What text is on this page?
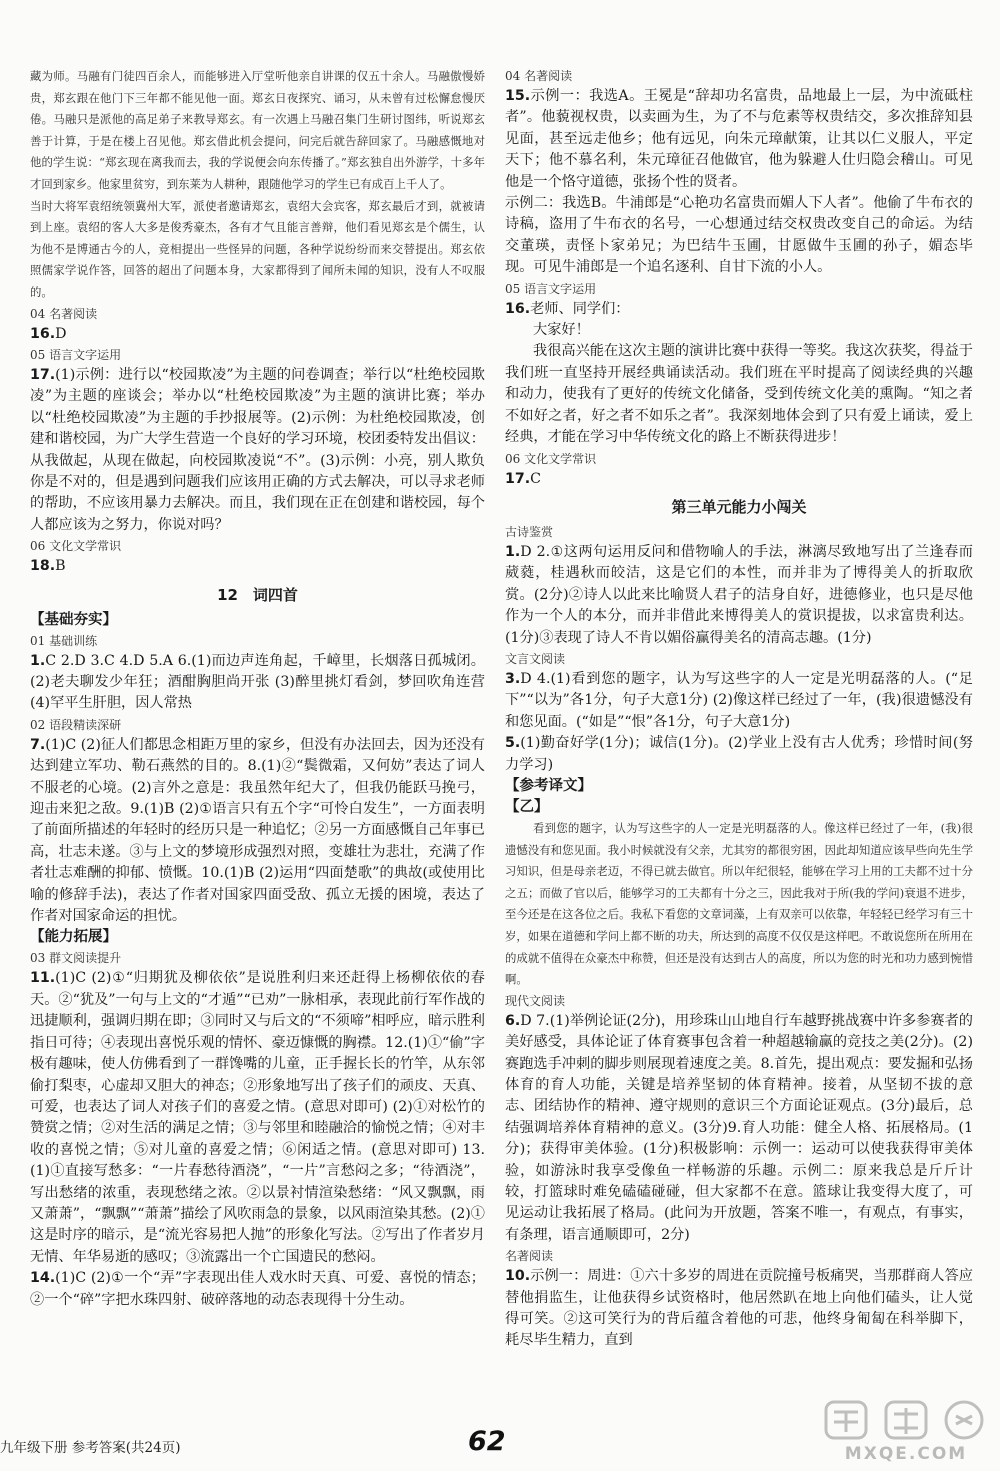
藏为师。马融有门徒四百余人，而能够进入厅堂听他亲自讲课的仅五十余人。马融傲慢娇贵，郑玄跟在他门下三年都不能见他一面。郑玄日夜探究、诵习，从未曾有过松懈怠慢厌倦。马融只是派他的高足弟子来教导郑玄。有一次遇上马融召集门生研讨图纬，听说郑玄善于计算，于是在楼上召见他。郑玄借此机会提问，问完后就告辞回家了。马融感慨地对他的学生说：“郑玄现在离我而去，我的学说便会向东传播了。”郑玄独自出外游学，十多年才回到家乡。他家里贫穷，到东莱为人耕种，跟随他学习的学生已有成百上千人了。

当时大将军袁绍统领冀州大军，派使者邀请郑玄，袁绍大会宾客，郑玄最后才到，就被请到上座。袁绍的客人大多是俊秀豪杰，各有才气且能言善辩，他们看见郑玄是个儒生，认为他不是博通古今的人，竞相提出一些怪异的问题，各种学说纷纷而来交替提出。郑玄依照儒家学说作答，回答的超出了问题本身，大家都得到了闻所未闻的知识，没有人不叹服的。

04 名著阅读

16.D

05 语言文字运用

17.(1)示例：进行以“校园欺凌”为主题的问卷调查；举行以“杜绝校园欺凌”为主题的座谈会；举办以“杜绝校园欺凌”为主题的演讲比赛；举办以“杜绝校园欺凌”为主题的手抄报展等。(2)示例：为杜绝校园欺凌，创建和谐校园，为广大学生营造一个良好的学习环境，校团委特发出倡议：从我做起，从现在做起，向校园欺凌说“不”。(3)示例：小亮，别人欺负你是不对的，但是遇到问题我们应该用正确的方式去解决，可以寻求老师的帮助，不应该用暴力去解决。而且，我们现在正在创建和谐校园，每个人都应该为之努力，你说对吗？

06 文化文学常识

18.B

12　词四首
【基础夯实】
01 基础训练

1.C 2.D 3.C 4.D 5.A 6.(1)而边声连角起，千嶂里，长烟落日孤城闭。(2)老夫聊发少年狂；酒酣胸胆尚开张 (3)醉里挑灯看剑，梦回吹角连营 (4)罕平生肝胆，因人常热

02 语段精读深研

7.(1)C (2)征人们都思念相距万里的家乡，但没有办法回去，因为还没有达到建立军功、勒石燕然的目的。8.(1)②“鬓微霜，又何妨”表达了词人不服老的心境。(2)言外之意是：我虽然年纪大了，但我仍能跃马挽弓，迎击来犯之敌。9.(1)B (2)①语言只有五个字“可怜白发生”，一方面表明了前面所描述的年轻时的经历只是一种追忆；②另一方面感慨自己年事已高，壮志未遂。③与上文的梦境形成强烈对照，变雄壮为悲壮，充满了作者壮志难酬的抑郁、愤慨。10.(1)B (2)运用“四面楚歌”的典故(或使用比喻的修辞手法)，表达了作者对国家四面受敌、孤立无援的困境，表达了作者对国家命运的担忧。

【能力拓展】
03 群文阅读提升

11.(1)C (2)①“归期犹及柳依依”是说胜利归来还赶得上杨柳依依的春天。②“犹及”一句与上文的“才遁”“已劝”一脉相承，表现此前行军作战的迅捷顺利，强调归期在即；③同时又与后文的“不须啼”相呼应，暗示胜利指日可待；④表现出喜悦乐观的情怀、豪迈慷慨的胸襟。12.(1)①“偷”字极有趣味，使人仿佛看到了一群馋嘴的儿童，正手握长长的竹竿，从东邻偷打梨枣，心虚却又胆大的神态；②形象地写出了孩子们的顽皮、天真、可爱，也表达了词人对孩子们的喜爱之情。(意思对即可) (2)①对松竹的赞赏之情；②对生活的满足之情；③与邻里和睦融洽的愉悦之情；④对丰收的喜悦之情；⑤对儿童的喜爱之情；⑥闲适之情。(意思对即可) 13.(1)①直接写愁多：“一片春愁待酒浇”，“一片”言愁闷之多；“待酒浇”，写出愁绪的浓重，表现愁绪之浓。②以景衬情渲染愁绪：“风又飘飘，雨又萧萧”，“飘飘”“萧萧”描绘了风吹雨急的景象，以风雨渲染其愁。(2)①这是时序的暗示，是“流光容易把人抛”的形象化写法。②写出了作者岁月无情、年华易逝的感叹；③流露出一个亡国遗民的愁闷。

14.(1)C (2)①一个“弄”字表现出佳人戏水时天真、可爱、喜悦的情态；②一个“碎”字把水珠四射、破碎落地的动态表现得十分生动。

04 名著阅读

15.示例一：我选A。王冕是“辞却功名富贵，品地最上一层，为中流砥柱者”。他藐视权贵，以卖画为生，为了不与危素等权贵结交，多次推辞知县见面，甚至远走他乡；他有远见，向朱元璋献策，让其以仁义服人，平定天下；他不慕名利，朱元璋征召他做官，他为躲避人仕归隐会稽山。可见他是一个恪守道德，张扬个性的贤者。

示例二：我选B。牛浦郎是“心艳功名富贵而媚人下人者”。他偷了牛布衣的诗稿，盗用了牛布衣的名号，一心想通过结交权贵改变自己的命运。为结交董瑛，责怪卜家弟兄；为巴结牛玉圃，甘愿做牛玉圃的孙子，媚态毕现。可见牛浦郎是一个追名逐利、自甘下流的小人。

05 语言文字运用

16.老师、同学们：

大家好！

我很高兴能在这次主题的演讲比赛中获得一等奖。我这次获奖，得益于我们班一直坚持开展经典诵读活动。我们班在平时提高了阅读经典的兴趣和动力，使我有了更好的传统文化储备，受到传统文化美的熏陶。“知之者不如好之者，好之者不如乐之者”。我深刻地体会到了只有爱上诵读，爱上经典，才能在学习中华传统文化的路上不断获得进步！

06 文化文学常识

17.C

第三单元能力小闯关
古诗鉴赏

1.D 2.①这两句运用反问和借物喻人的手法，淋漓尽致地写出了兰逢春而葳蕤，桂遇秋而皎洁，这是它们的本性，而并非为了博得美人的折取欣赏。(2分)②诗人以此来比喻贤人君子的洁身自好，进德修业，也只是尽他作为一个人的本分，而并非借此来博得美人的赏识提拔，以求富贵利达。(1分)③表现了诗人不肯以媚俗赢得美名的清高志趣。(1分)

文言文阅读

3.D 4.(1)看到您的题字，认为写这些字的人一定是光明磊落的人。(“足下”“以为”各1分，句子大意1分) (2)像这样已经过了一年，(我)很遗憾没有和您见面。(“如是”“恨”各1分，句子大意1分)

5.(1)勤奋好学(1分)；诚信(1分)。(2)学业上没有古人优秀；珍惜时间(努力学习)

【参考译文】
【乙】

看到您的题字，认为写这些字的人一定是光明磊落的人。像这样已经过了一年，(我)很遗憾没有和您见面。我小时候就没有父亲，尤其穷的都很穷困，因此却知道应该早些向先生学习知识，但是母亲老迈，不得已就去做官。所以年纪很轻，能够在学习上用的工夫都不过十分之五；而做了官以后，能够学习的工夫都有十分之三，因此我对于所(我的学问)衰退不进步，至今还是在这各位之后。我私下看您的文章词藻，上有双亲可以依靠，年轻轻已经学习有三十岁，如果在道德和学问上都不断的功夫，所达到的高度不仅仅是这样吧。不敢说您所在所用在的成就不值得在众豪杰中称赞，但还是没有达到古人的高度，所以为您的时光和功力感到惋惜啊。

现代文阅读

6.D 7.(1)举例论证(2分)，用珍珠山山地自行车越野挑战赛中许多参赛者的美好感受，具体论证了体育赛事包含着一种超越输赢的竞技之美(2分)。(2)赛跑选手冲刺的脚步则展现着速度之美。8.首先，提出观点：要发掘和弘扬体育的育人功能，关键是培养坚韧的体育精神。接着，从坚韧不拔的意志、团结协作的精神、遵守规则的意识三个方面论证观点。(3分)最后，总结强调培养体育精神的意义。(3分)9.育人功能：健全人格、拓展格局。(1分)；获得审美体验。(1分)积极影响：示例一：运动可以使我获得审美体验，如游泳时我享受像鱼一样畅游的乐趣。示例二：原来我总是斤斤计较，打篮球时难免磕磕碰碰，但大家都不在意。篮球让我变得大度了，可见运动让我拓展了格局。(此问为开放题，答案不唯一，有观点，有事实，有条理，语言通顺即可，2分)

名著阅读

10.示例一：周进：①六十多岁的周进在贡院撞号板痛哭，当那群商人答应替他捐监生，让他获得乡试资格时，他居然趴在地上向他们磕头，让人觉得可笑。②这可笑行为的背后蕴含着他的可悲，他终身匍匐在科举脚下，耗尽毕生精力，直到

九年级下册 参考答案(共24页)	62	MXQE.COM
